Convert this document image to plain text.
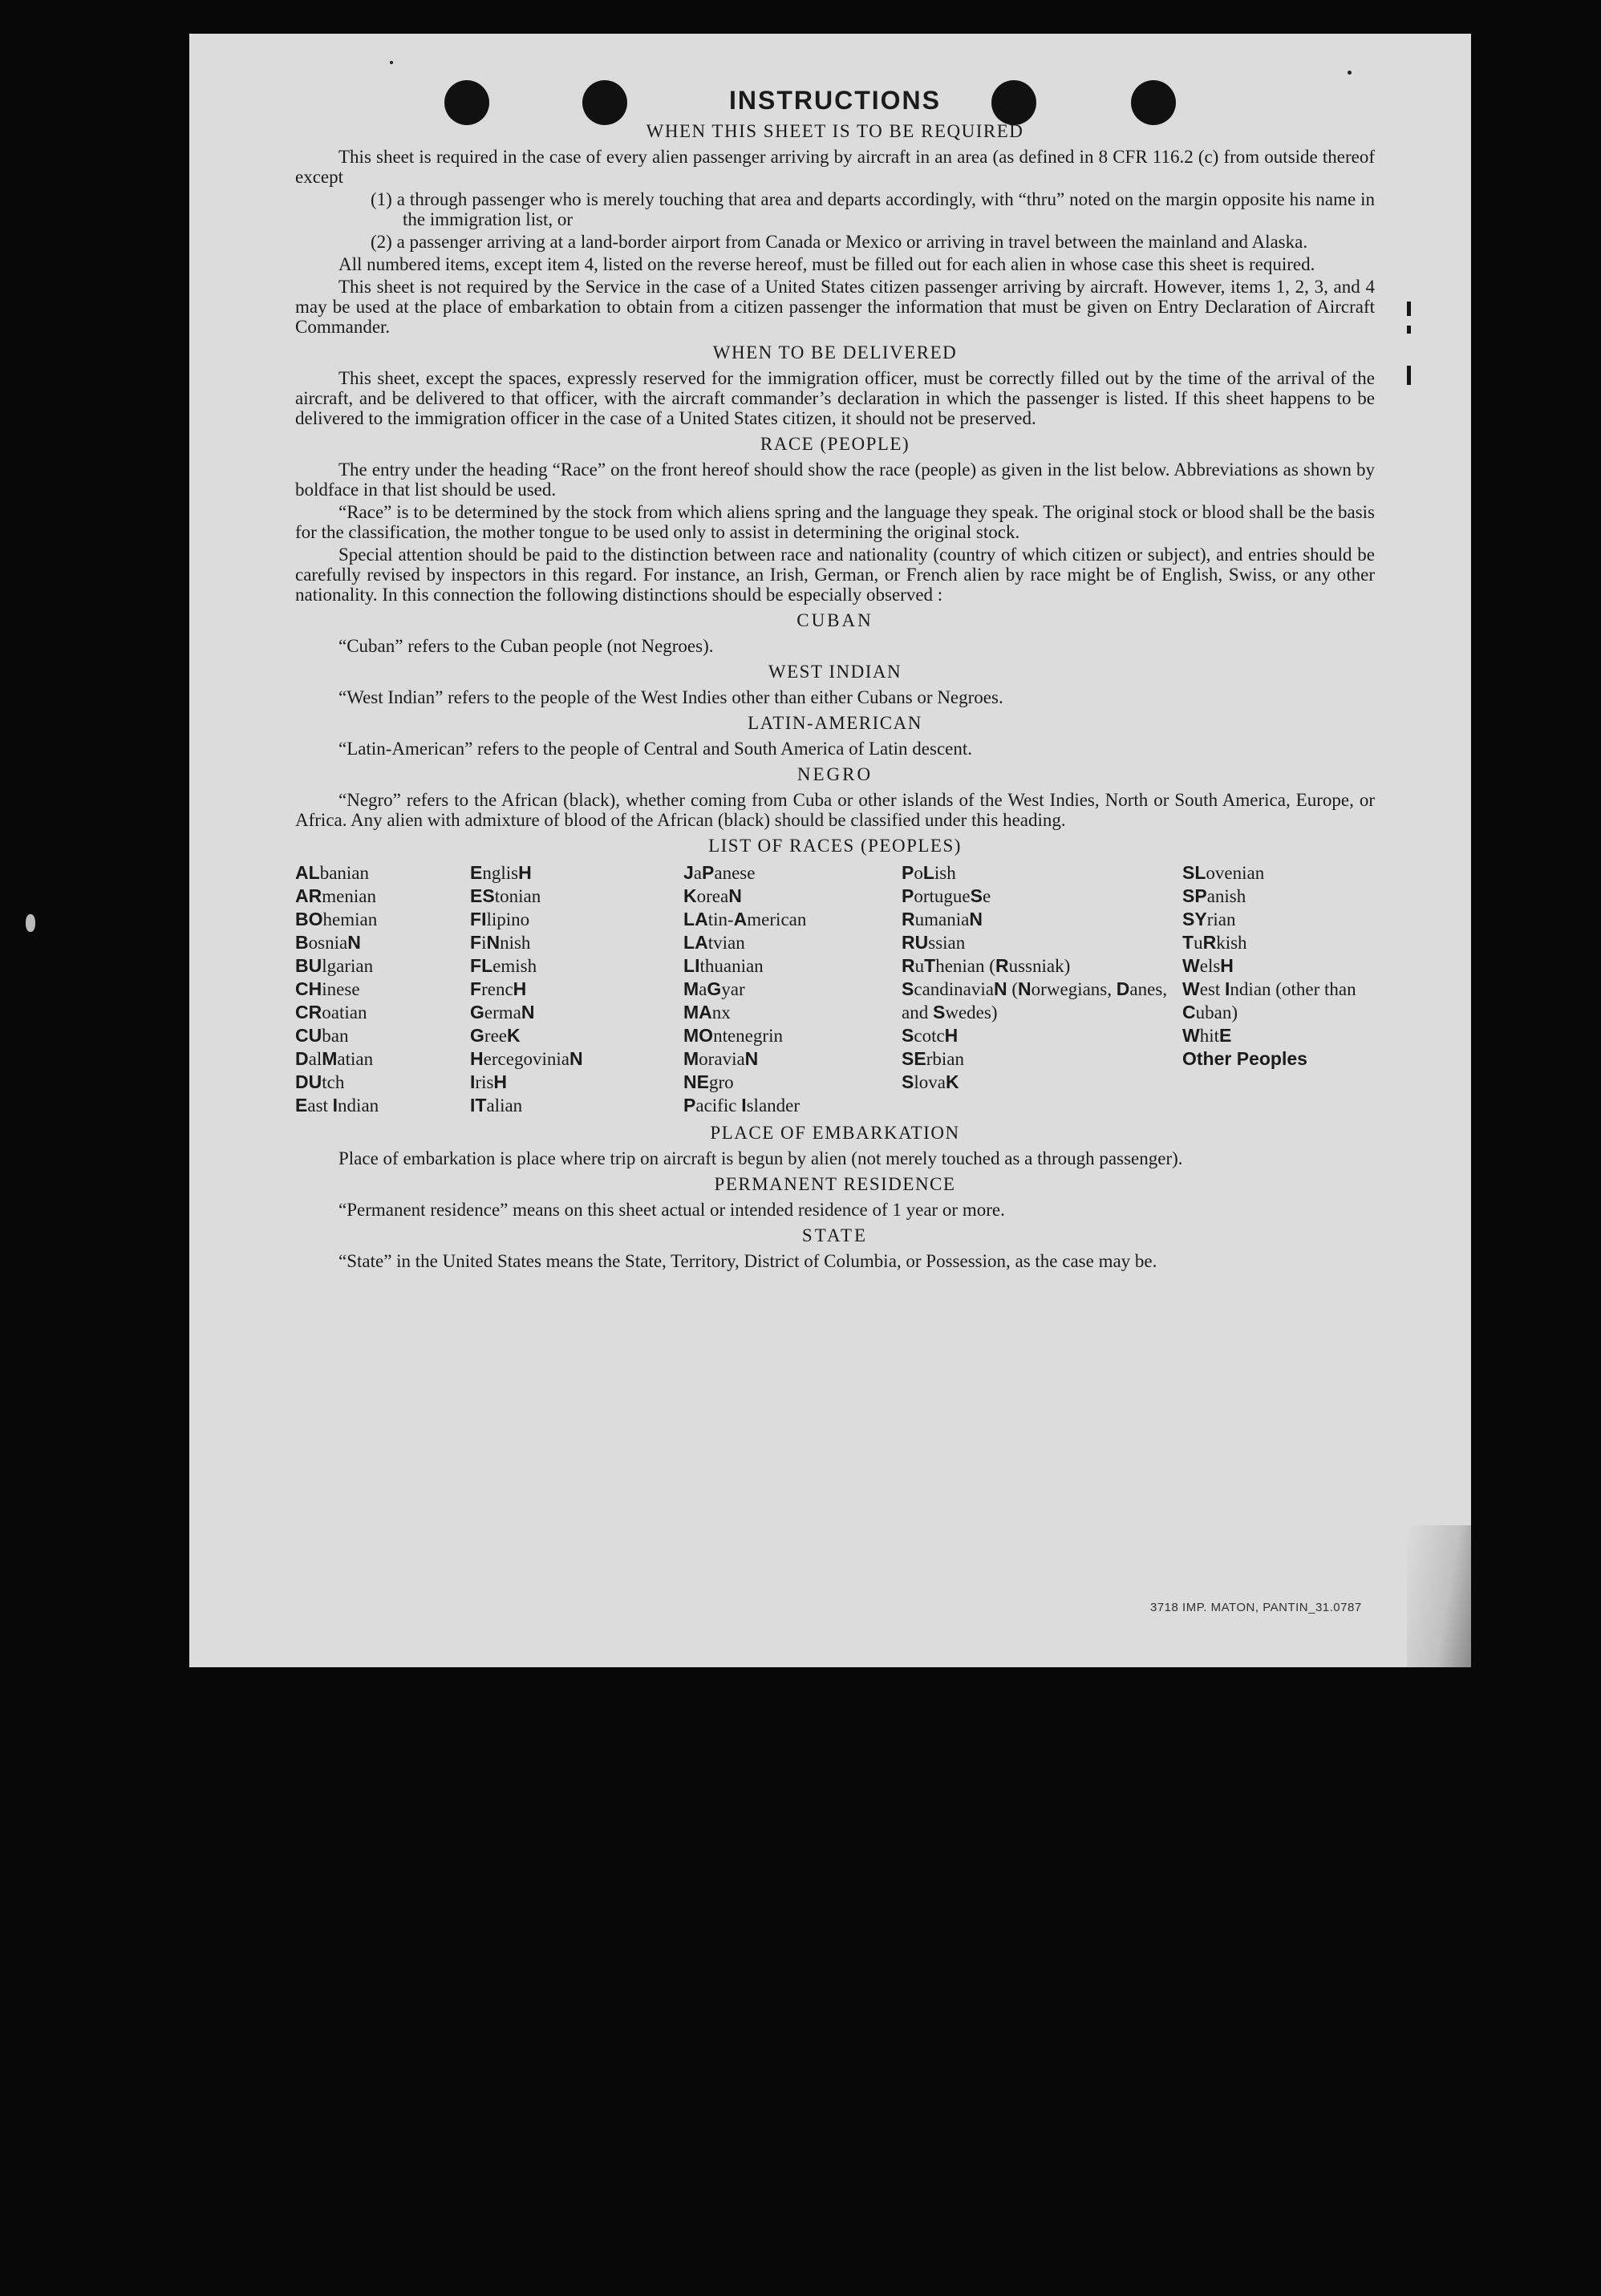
INSTRUCTIONS
WHEN THIS SHEET IS TO BE REQUIRED

This sheet is required in the case of every alien passenger arriving by aircraft in an area (as defined in 8 CFR 116.2 (c) from outside thereof except

(1) a through passenger who is merely touching that area and departs accordingly, with “thru” noted on the margin opposite his name in the immigration list, or

(2) a passenger arriving at a land-border airport from Canada or Mexico or arriving in travel between the mainland and Alaska.

All numbered items, except item 4, listed on the reverse hereof, must be filled out for each alien in whose case this sheet is required.

This sheet is not required by the Service in the case of a United States citizen passenger arriving by aircraft. However, items 1, 2, 3, and 4 may be used at the place of embarkation to obtain from a citizen passenger the information that must be given on Entry Declaration of Aircraft Commander.

WHEN TO BE DELIVERED

This sheet, except the spaces, expressly reserved for the immigration officer, must be correctly filled out by the time of the arrival of the aircraft, and be delivered to that officer, with the aircraft commander’s declaration in which the passenger is listed. If this sheet happens to be delivered to the immigration officer in the case of a United States citizen, it should not be preserved.

RACE (PEOPLE)

The entry under the heading “Race” on the front hereof should show the race (people) as given in the list below. Abbreviations as shown by boldface in that list should be used.

“Race” is to be determined by the stock from which aliens spring and the language they speak. The original stock or blood shall be the basis for the classification, the mother tongue to be used only to assist in determining the original stock.

Special attention should be paid to the distinction between race and nationality (country of which citizen or subject), and entries should be carefully revised by inspectors in this regard. For instance, an Irish, German, or French alien by race might be of English, Swiss, or any other nationality. In this connection the following distinctions should be especially observed :

CUBAN

“Cuban” refers to the Cuban people (not Negroes).

WEST INDIAN

“West Indian” refers to the people of the West Indies other than either Cubans or Negroes.

LATIN-AMERICAN

“Latin-American” refers to the people of Central and South America of Latin descent.

NEGRO

“Negro” refers to the African (black), whether coming from Cuba or other islands of the West Indies, North or South America, Europe, or Africa. Any alien with admixture of blood of the African (black) should be classified under this heading.

LIST OF RACES (PEOPLES)
ALbanian
ARmenian
BOhemian
BosniaN
BUlgarian
CHinese
CRoatian
CUban
DalMatian
DUtch
East Indian
EnglisH
EStonian
FIlipino
FiNnish
FLemish
FrencH
GermaN
GreeK
HercegoviniaN
IrisH
ITalian
JaPanese
KoreaN
LAtin-American
LAtvian
LIthuanian
MaGyar
MAnx
MOntenegrin
MoraviaN
NEgro
Pacific Islander
PoLish
PortugueSe
RumaniaN
RUssian
RuThenian (Russniak)
ScandinaviaN (Norwegians, Danes, and Swedes)
ScotcH
SErbian
SlovaK
SLovenian
SPanish
SYrian
TuRkish
WelsH
West Indian (other than Cuban)
WhitE
Other Peoples
PLACE OF EMBARKATION

Place of embarkation is place where trip on aircraft is begun by alien (not merely touched as a through passenger).

PERMANENT RESIDENCE

“Permanent residence” means on this sheet actual or intended residence of 1 year or more.

STATE

“State” in the United States means the State, Territory, District of Columbia, or Possession, as the case may be.

3718 IMP. MATON, PANTIN_31.0787
